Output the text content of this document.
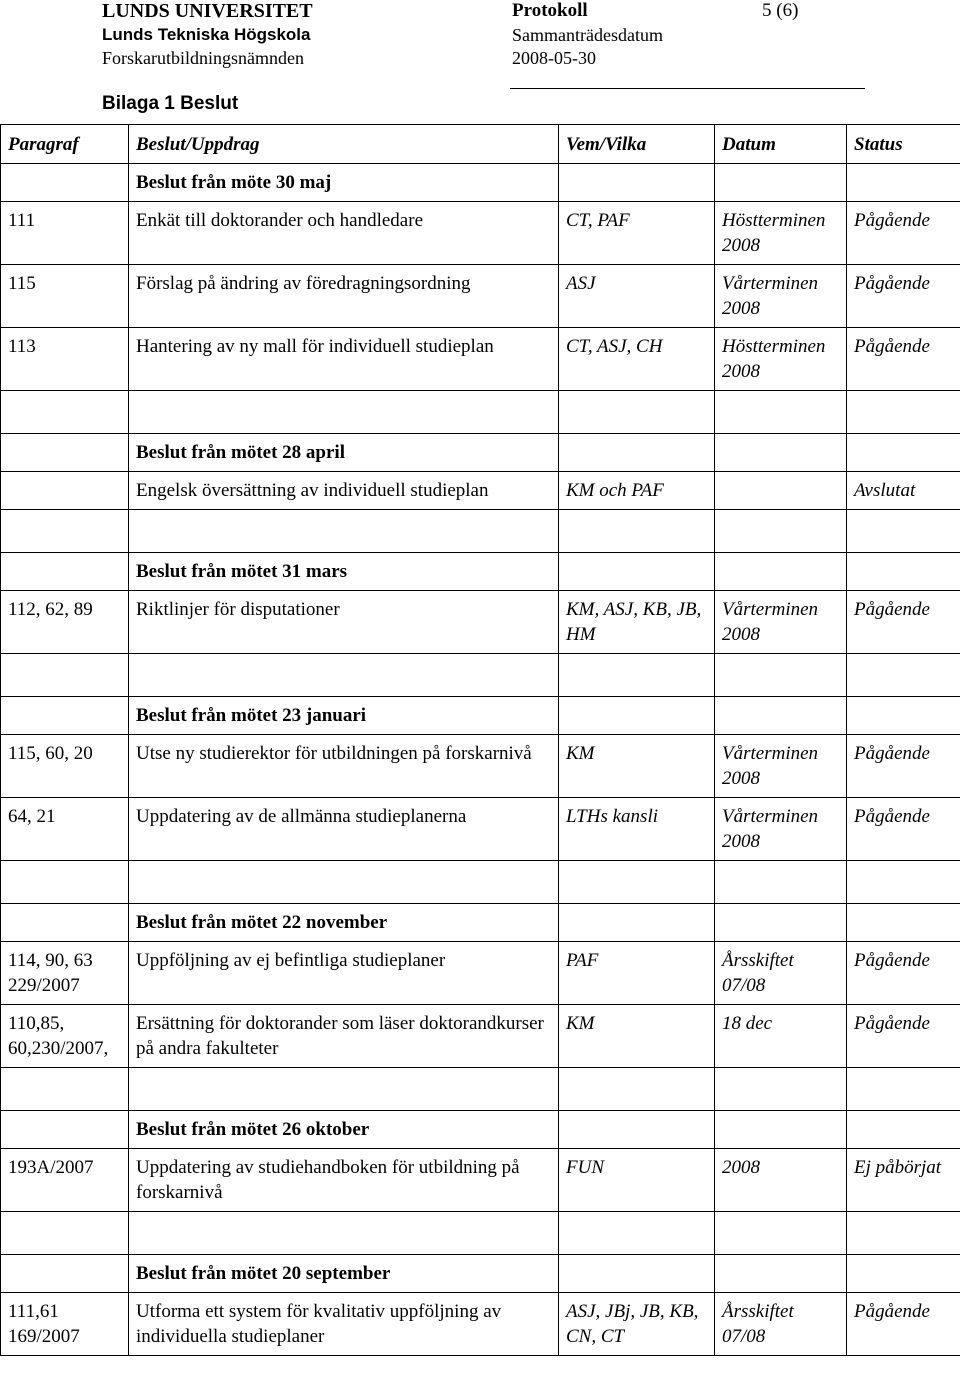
LUNDS UNIVERSITET
Lunds Tekniska Högskola
Forskarutbildningsnämnden
Protokoll	5 (6)
Sammanträdesdatum
2008-05-30
Bilaga 1 Beslut
Paragraf	Beslut/Uppdrag	Vem/Vilka	Datum	Status
	Beslut från möte 30 maj			
111	Enkät till doktorander och handledare	CT, PAF	Höstterminen 2008	Pågående
115	Förslag på ändring av föredragningsordning	ASJ	Vårterminen 2008	Pågående
113	Hantering av ny mall för individuell studieplan	CT, ASJ, CH	Höstterminen 2008	Pågående

	Beslut från mötet 28 april			
	Engelsk översättning av individuell studieplan	KM och PAF		Avslutat

	Beslut från mötet 31 mars			
112, 62, 89	Riktlinjer för disputationer	KM, ASJ, KB, JB, HM	Vårterminen 2008	Pågående

	Beslut från mötet 23 januari			
115, 60, 20	Utse ny studierektor för utbildningen på forskarnivå	KM	Vårterminen 2008	Pågående
64, 21	Uppdatering av de allmänna studieplanerna	LTHs kansli	Vårterminen 2008	Pågående

	Beslut från mötet 22 november			
114, 90, 63 229/2007	Uppföljning av ej befintliga studieplaner	PAF	Årsskiftet 07/08	Pågående
110,85, 60,230/2007,	Ersättning för doktorander som läser doktorandkurser på andra fakulteter	KM	18 dec	Pågående

	Beslut från mötet 26 oktober			
193A/2007	Uppdatering av studiehandboken för utbildning på forskarnivå	FUN	2008	Ej påbörjat

	Beslut från mötet 20 september			
111,61 169/2007	Utforma ett system för kvalitativ uppföljning av individuella studieplaner	ASJ, JBj, JB, KB, CN, CT	Årsskiftet 07/08	Pågående
